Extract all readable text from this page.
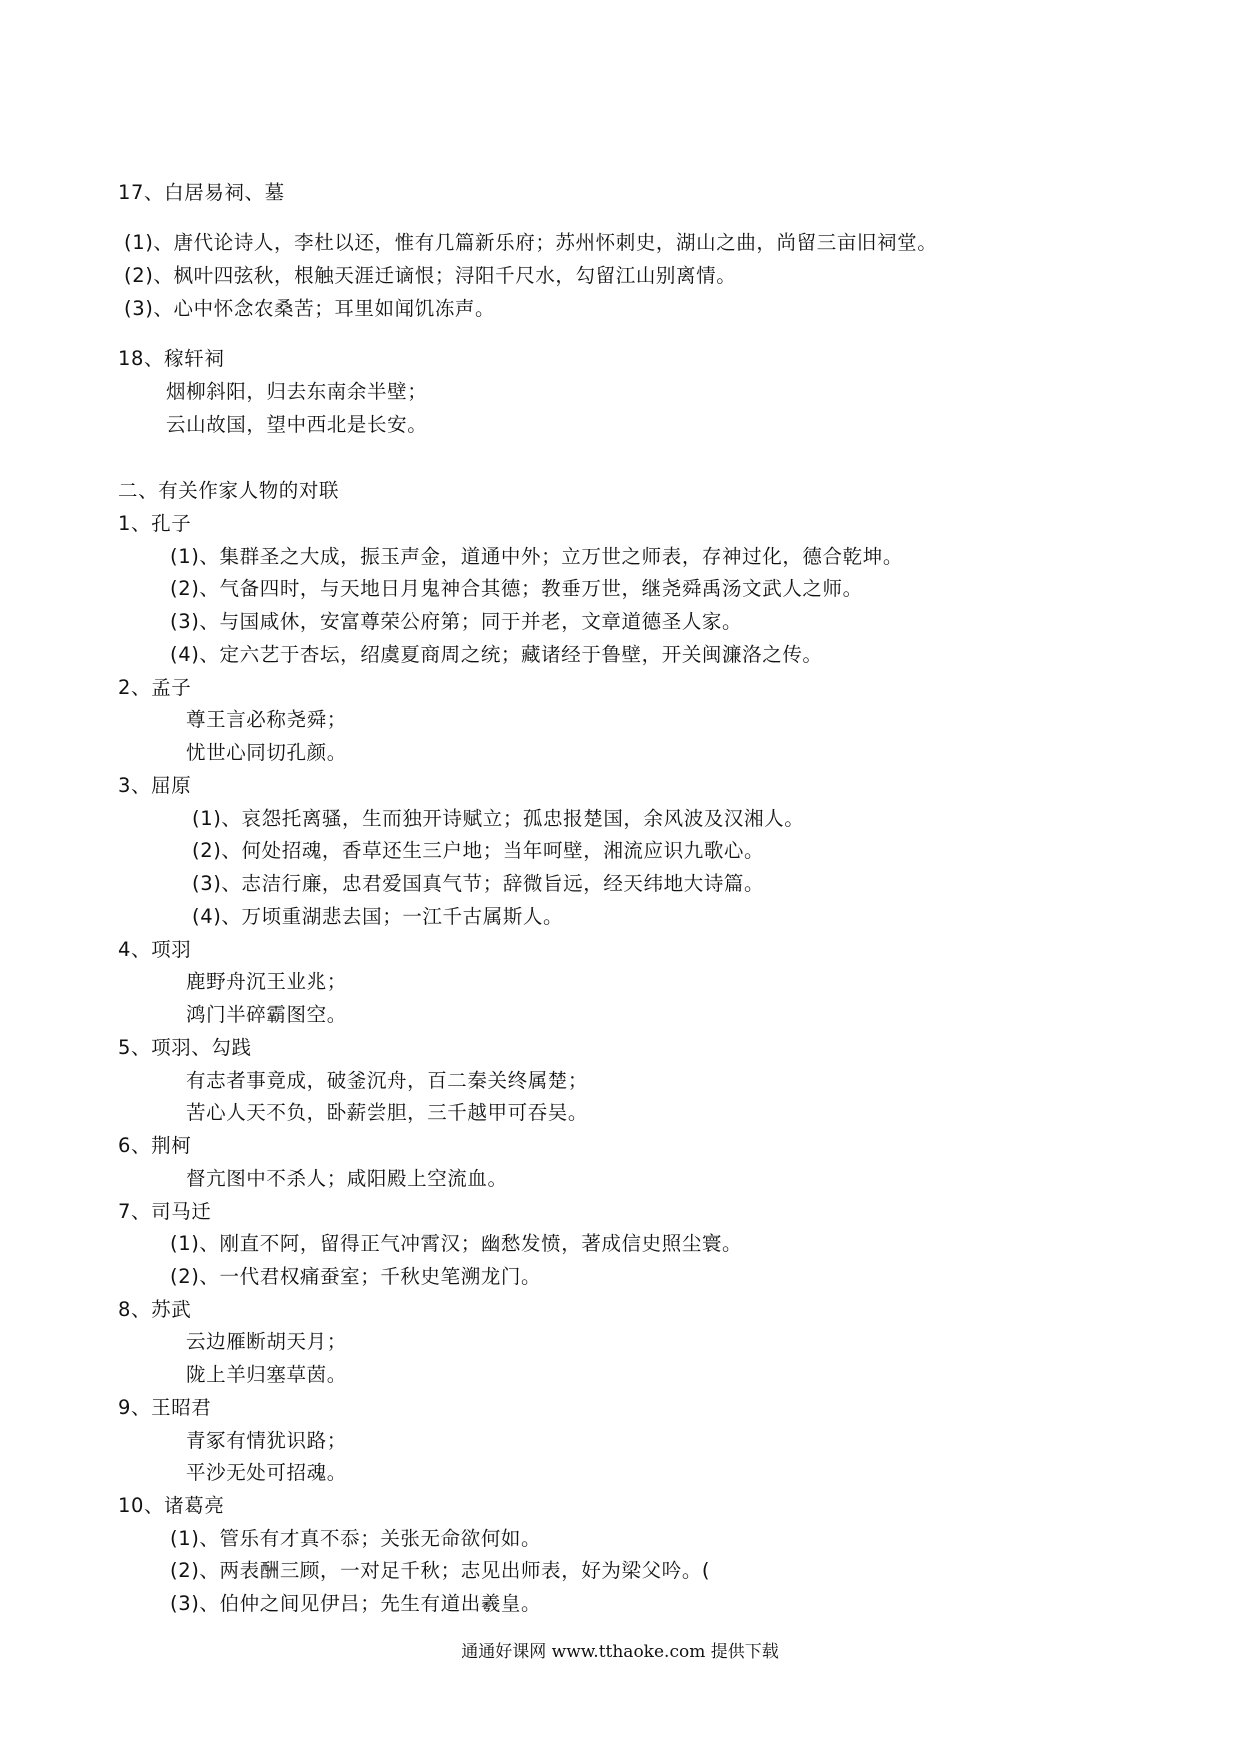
17、白居易祠、墓
(1)、唐代论诗人，李杜以还，惟有几篇新乐府；苏州怀刺史，湖山之曲，尚留三亩旧祠堂。
(2)、枫叶四弦秋，根触天涯迁谪恨；浔阳千尺水，勾留江山别离情。
(3)、心中怀念农桑苦；耳里如闻饥冻声。
18、稼轩祠
烟柳斜阳，归去东南余半壁；
云山故国，望中西北是长安。
二、有关作家人物的对联
1、孔子
(1)、集群圣之大成，振玉声金，道通中外；立万世之师表，存神过化，德合乾坤。
(2)、气备四时，与天地日月鬼神合其德；教垂万世，继尧舜禹汤文武人之师。
(3)、与国咸休，安富尊荣公府第；同于并老，文章道德圣人家。
(4)、定六艺于杏坛，绍虞夏商周之统；藏诸经于鲁壁，开关闽濂洛之传。
2、孟子
尊王言必称尧舜；
忧世心同切孔颜。
3、屈原
(1)、哀怨托离骚，生而独开诗赋立；孤忠报楚国，余风波及汉湘人。
(2)、何处招魂，香草还生三户地；当年呵壁，湘流应识九歌心。
(3)、志洁行廉，忠君爱国真气节；辞微旨远，经天纬地大诗篇。
(4)、万顷重湖悲去国；一江千古属斯人。
4、项羽
鹿野舟沉王业兆；
鸿门半碎霸图空。
5、项羽、勾践
有志者事竟成，破釜沉舟，百二秦关终属楚；
苦心人天不负，卧薪尝胆，三千越甲可吞吴。
6、荆柯
督亢图中不杀人；咸阳殿上空流血。
7、司马迁
(1)、刚直不阿，留得正气冲霄汉；幽愁发愤，著成信史照尘寰。
(2)、一代君权痛蚕室；千秋史笔溯龙门。
8、苏武
云边雁断胡天月；
陇上羊归塞草茵。
9、王昭君
青冢有情犹识路；
平沙无处可招魂。
10、诸葛亮
(1)、管乐有才真不忝；关张无命欲何如。
(2)、两表酬三顾，一对足千秋；志见出师表，好为梁父吟。(
(3)、伯仲之间见伊吕；先生有道出羲皇。
通通好课网 www.tthaoke.com 提供下载
